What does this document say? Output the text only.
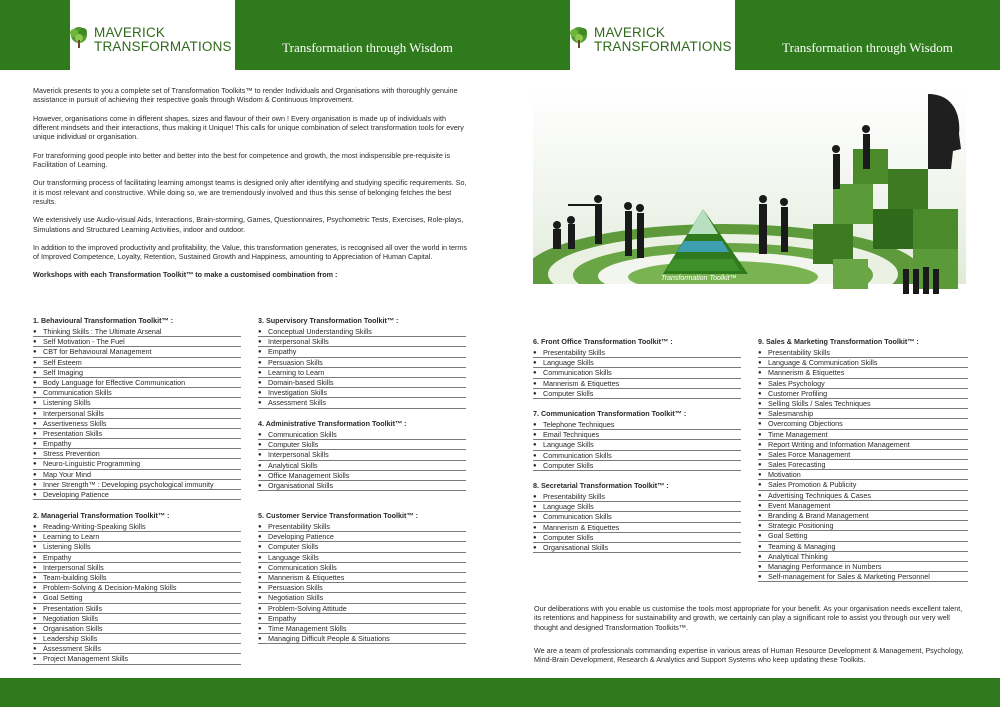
MAVERICK
TRANSFORMATIONS	Transformation through Wisdom
MAVERICK
TRANSFORMATIONS	Transformation through Wisdom

Maverick presents to you a complete set of Transformation Toolkits™ to render Individuals and Organisations with thoroughly genuine assistance in pursuit of achieving their respective goals through Wisdom & Continuous Improvement.

However, organisations come in different shapes, sizes and flavour of their own ! Every organisation is made up of individuals with different mindsets and their interactions, thus making it Unique! This calls for unique combination of select transformation tools for every unique individual or organisation.

For transforming good people into better and better into the best for competence and growth, the most indispensible pre-requisite is Facilitation of Learning.

Our transforming process of facilitating learning amongst teams is designed only after identifying and studying specific requirements. So, it is most relevant and constructive. While doing so, we are tremendously involved and thus this sense of belonging fetches the best results.

We extensively use Audio-visual Aids, Interactions, Brain-storming, Games, Questionnaires, Psychometric Tests, Exercises, Role-plays, Simulations and Structured Learning Activities, indoor and outdoor.

In addition to the improved productivity and profitability, the Value, this transformation generates, is recognised all over the world in terms of Improved Competence, Loyalty, Retention, Sustained Growth and Happiness, amounting to Appreciation of Human Capital.

Workshops with each Transformation Toolkit™ to make a customised combination from :

1. Behavioural Transformation Toolkit™ :
● Thinking Skills : The Ultimate Arsenal
● Self Motivation - The Fuel
● CBT for Behavioural Management
● Self Esteem
● Self Imaging
● Body Language for Effective Communication
● Communication Skills
● Listening Skills
● Interpersonal Skills
● Assertiveness Skills
● Presentation Skills
● Empathy
● Stress Prevention
● Neuro-Linguistic Programming
● Map Your Mind
● Inner Strength™ : Developing psychological immunity
● Developing Patience
2. Managerial Transformation Toolkit™ :
● Reading-Writing-Speaking Skills
● Learning to Learn
● Listening Skills
● Empathy
● Interpersonal Skills
● Team-building Skills
● Problem-Solving & Decision-Making Skills
● Goal Setting
● Presentation Skills
● Negotiation Skills
● Organisation Skills
● Leadership Skills
● Assessment Skills
● Project Management Skills
3. Supervisory Transformation Toolkit™ :
● Conceptual Understanding Skills
● Interpersonal Skills
● Empathy
● Persuasion Skills
● Learning to Learn
● Domain-based Skills
● Investigation Skills
● Assessment Skills
4. Administrative Transformation Toolkit™ :
● Communication Skills
● Computer Skills
● Interpersonal Skills
● Analytical Skills
● Office Management Skills
● Organisational Skills
5. Customer Service Transformation Toolkit™ :
● Presentability Skills
● Developing Patience
● Computer Skills
● Language Skills
● Communication Skills
● Mannerism & Etiquettes
● Persuasion Skills
● Negotiation Skills
● Problem-Solving Attitude
● Empathy
● Time Management Skills
● Managing Difficult People & Situations
6. Front Office Transformation Toolkit™ :
● Presentability Skills
● Language Skills
● Communication Skills
● Mannerism & Etiquettes
● Computer Skills
7. Communication Transformation Toolkit™ :
● Telephone Techniques
● Email Techniques
● Language Skills
● Communication Skills
● Computer Skills
8. Secretarial Transformation Toolkit™ :
● Presentability Skills
● Language Skills
● Communication Skills
● Mannerism & Etiquettes
● Computer Skills
● Organisational Skills
9. Sales & Marketing Transformation Toolkit™ :
● Presentability Skills
● Language & Communication Skills
● Mannerism & Etiquettes
● Sales Psychology
● Customer Profiling
● Selling Skills / Sales Techniques
● Salesmanship
● Overcoming Objections
● Time Management
● Report Writing and Information Management
● Sales Force Management
● Sales Forecasting
● Motivation
● Sales Promotion & Publicity
● Advertising Techniques & Cases
● Event Management
● Branding & Brand Management
● Strategic Positioning
● Goal Setting
● Teaming & Managing
● Analytical Thinking
● Managing Performance in Numbers
● Self-management for Sales & Marketing Personnel
Transformation Toolkit™
Our deliberations with you enable us customise the tools most appropriate for your benefit. As your organisation needs excellent talent, its retentions and happiness for sustainability and growth, we certainly can play a significant role to assist you through our very well thought and designed Transformation Toolkits™.
We are a team of professionals commanding expertise in various areas of Human Resource Development & Management, Psychology, Mind-Brain Development, Research & Analytics and Support Systems who keep updating these Toolkits.
